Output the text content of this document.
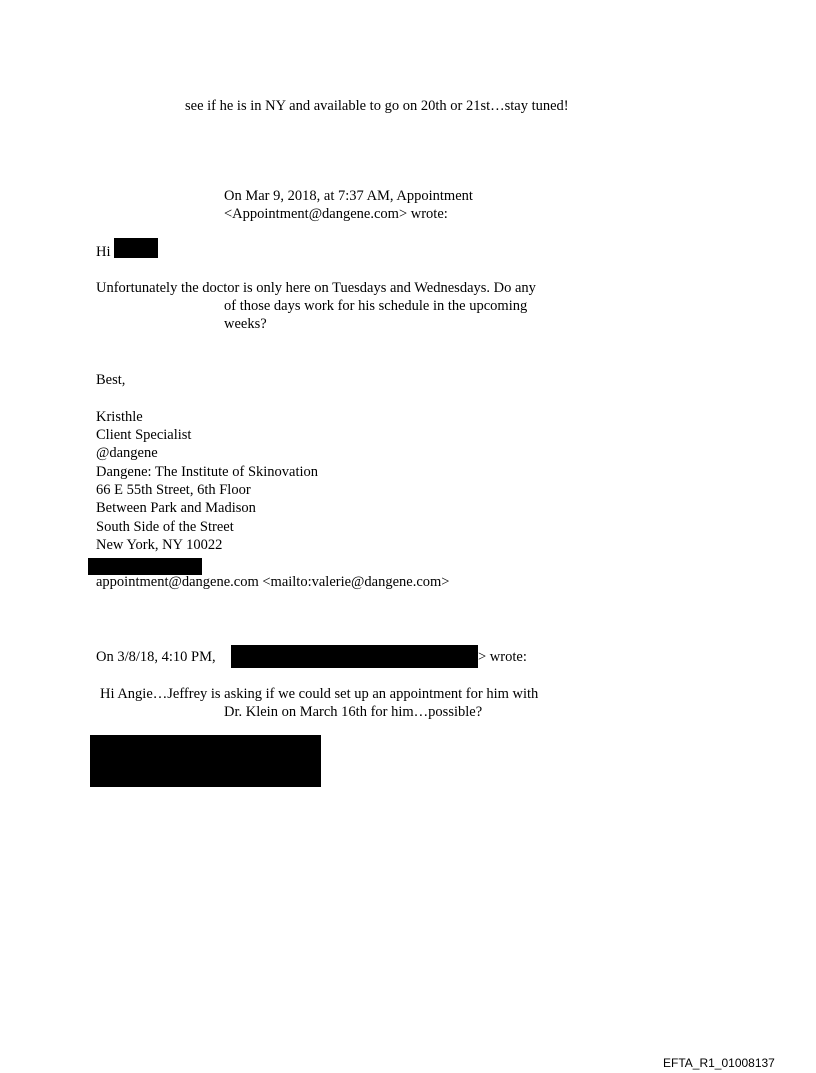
see if he is in NY and available to go on 20th or 21st…stay tuned!
On Mar 9, 2018, at 7:37 AM, Appointment
<Appointment@dangene.com> wrote:
Hi
Unfortunately the doctor is only here on Tuesdays and Wednesdays. Do any
of those days work for his schedule in the upcoming
weeks?
Best,
Kristhle
Client Specialist
@dangene
Dangene: The Institute of Skinovation
66 E 55th Street, 6th Floor
Between Park and Madison
South Side of the Street
New York, NY 10022
appointment@dangene.com <mailto:valerie@dangene.com>
On 3/8/18, 4:10 PM,	> wrote:
Hi Angie…Jeffrey is asking if we could set up an appointment for him with
Dr. Klein on March 16th for him…possible?
EFTA_R1_01008137
